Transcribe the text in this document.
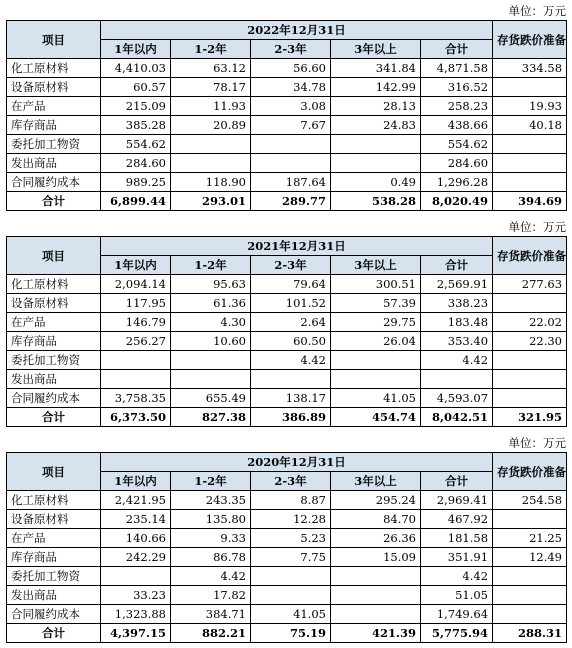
单位：万元
项目	2022年12月31日					存货跌价准备
	1年以内	1-2年	2-3年	3年以上	合计	
化工原材料	4,410.03	63.12	56.60	341.84	4,871.58	334.58
设备原材料	60.57	78.17	34.78	142.99	316.52	
在产品	215.09	11.93	3.08	28.13	258.23	19.93
库存商品	385.28	20.89	7.67	24.83	438.66	40.18
委托加工物资	554.62				554.62	
发出商品	284.60				284.60	
合同履约成本	989.25	118.90	187.64	0.49	1,296.28	
合计	6,899.44	293.01	289.77	538.28	8,020.49	394.69
单位：万元
项目	2021年12月31日					存货跌价准备
	1年以内	1-2年	2-3年	3年以上	合计	
化工原材料	2,094.14	95.63	79.64	300.51	2,569.91	277.63
设备原材料	117.95	61.36	101.52	57.39	338.23	
在产品	146.79	4.30	2.64	29.75	183.48	22.02
库存商品	256.27	10.60	60.50	26.04	353.40	22.30
委托加工物资			4.42		4.42	
发出商品						
合同履约成本	3,758.35	655.49	138.17	41.05	4,593.07	
合计	6,373.50	827.38	386.89	454.74	8,042.51	321.95
单位：万元
项目	2020年12月31日					存货跌价准备
	1年以内	1-2年	2-3年	3年以上	合计	
化工原材料	2,421.95	243.35	8.87	295.24	2,969.41	254.58
设备原材料	235.14	135.80	12.28	84.70	467.92	
在产品	140.66	9.33	5.23	26.36	181.58	21.25
库存商品	242.29	86.78	7.75	15.09	351.91	12.49
委托加工物资		4.42			4.42	
发出商品	33.23	17.82			51.05	
合同履约成本	1,323.88	384.71	41.05		1,749.64	
合计	4,397.15	882.21	75.19	421.39	5,775.94	288.31
